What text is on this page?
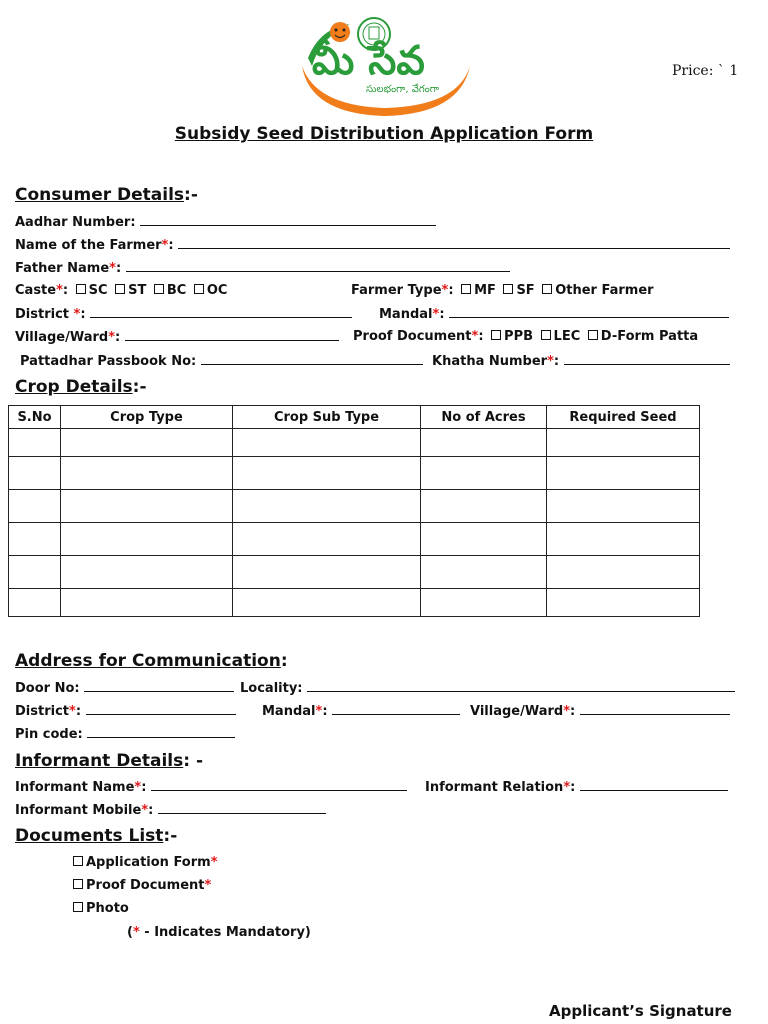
మీ సేవ
సులభంగా, వేగంగా
Price: ` 1
Subsidy Seed Distribution Application Form
Consumer Details:-
Aadhar Number:
Name of the Farmer*:
Father Name*:
Caste*: SC ST BC OC	Farmer Type*: MF SF Other Farmer
District *:	Mandal*:
Village/Ward*:	Proof Document*: PPB LEC D-Form Patta
Pattadhar Passbook No:	Khatha Number*:
Crop Details:-
S.No	Crop Type	Crop Sub Type	No of Acres	Required Seed

Address for Communication:
Door No:	Locality:
District*:	Mandal*:	Village/Ward*:
Pin code:
Informant Details: -
Informant Name*:	Informant Relation*:
Informant Mobile*:
Documents List:-
Application Form*
Proof Document*
Photo
(* - Indicates Mandatory)
Applicant’s Signature
